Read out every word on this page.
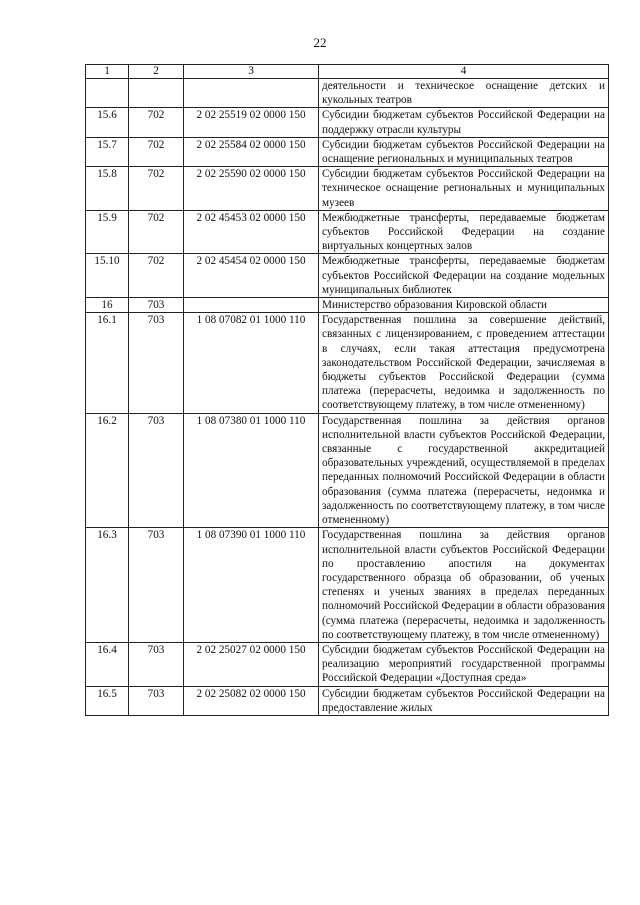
22
1	2	3	4
			деятельности и техническое оснащение детских и кукольных театров
15.6	702	2 02 25519 02 0000 150	Субсидии бюджетам субъектов Российской Федерации на поддержку отрасли культуры
15.7	702	2 02 25584 02 0000 150	Субсидии бюджетам субъектов Российской Федерации на оснащение региональных и муниципальных театров
15.8	702	2 02 25590 02 0000 150	Субсидии бюджетам субъектов Российской Федерации на техническое оснащение региональных и муниципальных музеев
15.9	702	2 02 45453 02 0000 150	Межбюджетные трансферты, передаваемые бюджетам субъектов Российской Федерации на создание виртуальных концертных залов
15.10	702	2 02 45454 02 0000 150	Межбюджетные трансферты, передаваемые бюджетам субъектов Российской Федерации на создание модельных муниципальных библиотек
16	703		Министерство образования Кировской области
16.1	703	1 08 07082 01 1000 110	Государственная пошлина за совершение действий, связанных с лицензированием, с проведением аттестации в случаях, если такая аттестация предусмотрена законодательством Российской Федерации, зачисляемая в бюджеты субъектов Российской Федерации (сумма платежа (перерасчеты, недоимка и задолженность по соответствующему платежу, в том числе отмененному)
16.2	703	1 08 07380 01 1000 110	Государственная пошлина за действия органов исполнительной власти субъектов Российской Федерации, связанные с государственной аккредитацией образовательных учреждений, осуществляемой в пределах переданных полномочий Российской Федерации в области образования (сумма платежа (перерасчеты, недоимка и задолженность по соответствующему платежу, в том числе отмененному)
16.3	703	1 08 07390 01 1000 110	Государственная пошлина за действия органов исполнительной власти субъектов Российской Федерации по проставлению апостиля на документах государственного образца об образовании, об ученых степенях и ученых званиях в пределах переданных полномочий Российской Федерации в области образования (сумма платежа (перерасчеты, недоимка и задолженность по соответствующему платежу, в том числе отмененному)
16.4	703	2 02 25027 02 0000 150	Субсидии бюджетам субъектов Российской Федерации на реализацию мероприятий государственной программы Российской Федерации «Доступная среда»
16.5	703	2 02 25082 02 0000 150	Субсидии бюджетам субъектов Российской Федерации на предоставление жилых
